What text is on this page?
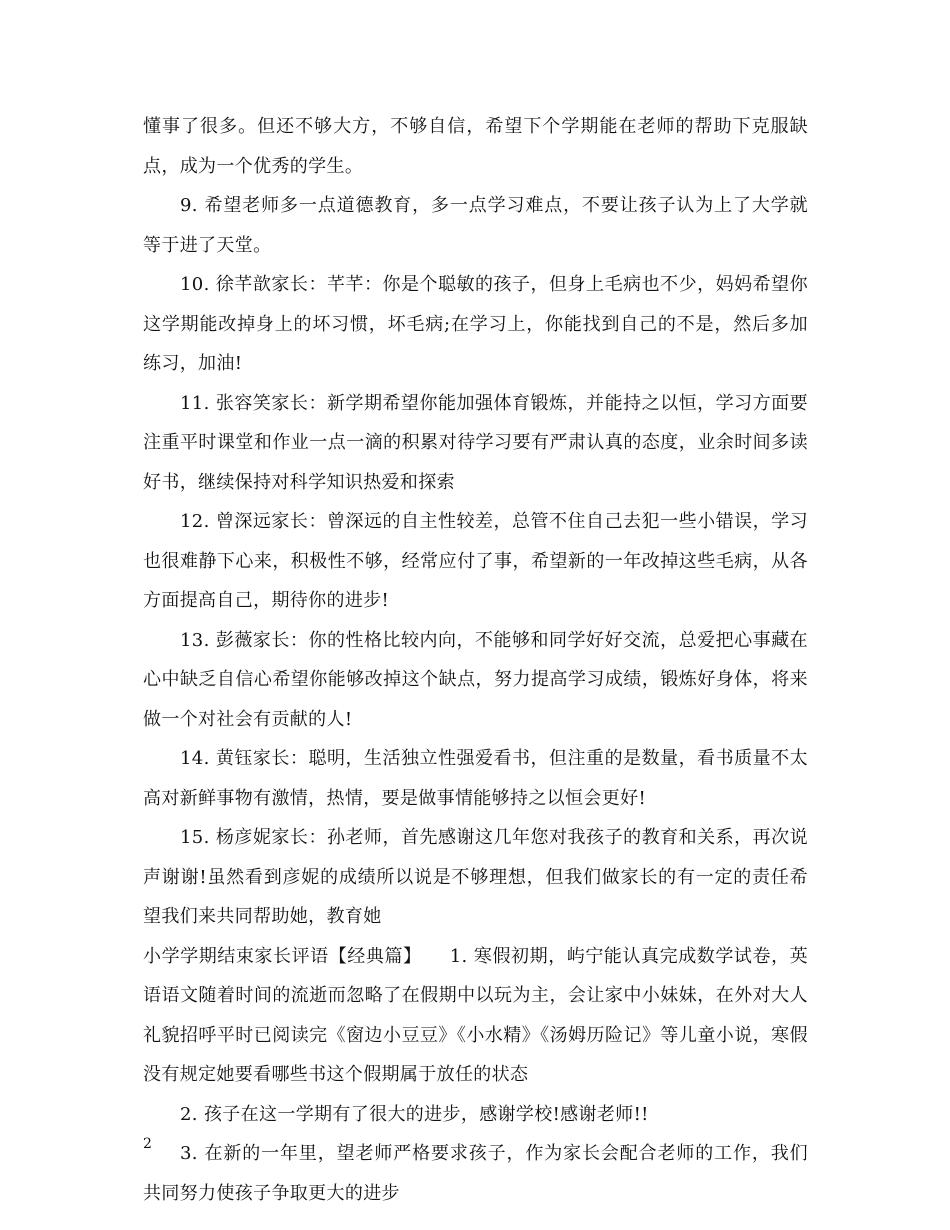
懂事了很多。但还不够大方，不够自信，希望下个学期能在老师的帮助下克服缺点，成为一个优秀的学生。

9. 希望老师多一点道德教育，多一点学习难点，不要让孩子认为上了大学就等于进了天堂。

10. 徐芊歆家长：芊芊：你是个聪敏的孩子，但身上毛病也不少，妈妈希望你这学期能改掉身上的坏习惯，坏毛病;在学习上，你能找到自己的不是，然后多加练习，加油!

11. 张容笑家长：新学期希望你能加强体育锻炼，并能持之以恒，学习方面要注重平时课堂和作业一点一滴的积累对待学习要有严肃认真的态度，业余时间多读好书，继续保持对科学知识热爱和探索

12. 曾深远家长：曾深远的自主性较差，总管不住自己去犯一些小错误，学习也很难静下心来，积极性不够，经常应付了事，希望新的一年改掉这些毛病，从各方面提高自己，期待你的进步!

13. 彭薇家长：你的性格比较内向，不能够和同学好好交流，总爱把心事藏在心中缺乏自信心希望你能够改掉这个缺点，努力提高学习成绩，锻炼好身体，将来做一个对社会有贡献的人!

14. 黄钰家长：聪明，生活独立性强爱看书，但注重的是数量，看书质量不太高对新鲜事物有激情，热情，要是做事情能够持之以恒会更好!

15. 杨彦妮家长：孙老师，首先感谢这几年您对我孩子的教育和关系，再次说声谢谢!虽然看到彦妮的成绩所以说是不够理想，但我们做家长的有一定的责任希望我们来共同帮助她，教育她

小学学期结束家长评语【经典篇】　　1. 寒假初期，屿宁能认真完成数学试卷，英语语文随着时间的流逝而忽略了在假期中以玩为主，会让家中小妹妹，在外对大人礼貌招呼平时已阅读完《窗边小豆豆》《小水精》《汤姆历险记》等儿童小说，寒假没有规定她要看哪些书这个假期属于放任的状态

2. 孩子在这一学期有了很大的进步，感谢学校!感谢老师!!

3. 在新的一年里，望老师严格要求孩子，作为家长会配合老师的工作，我们共同努力使孩子争取更大的进步

2
